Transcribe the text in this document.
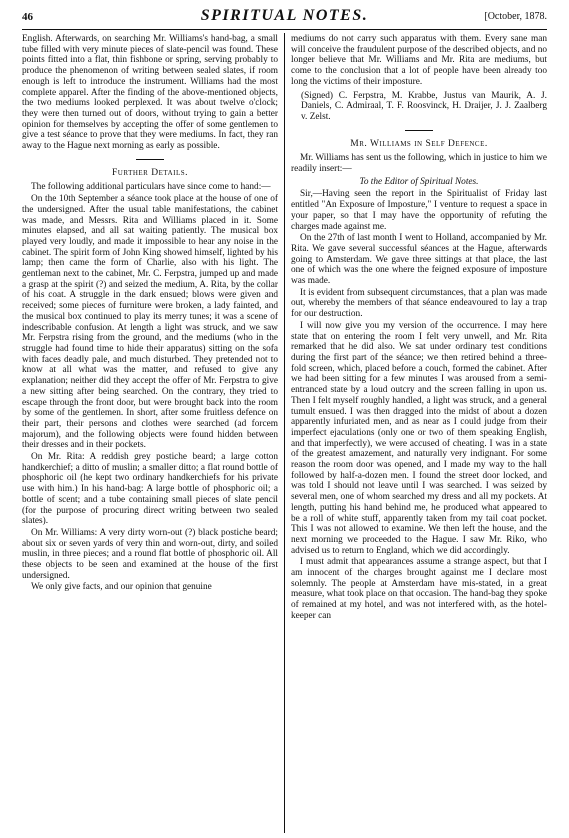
46	SPIRITUAL NOTES.	[October, 1878.

English. Afterwards, on searching Mr. Williams's hand-bag, a small tube filled with very minute pieces of slate-pencil was found. These points fitted into a flat, thin fishbone or spring, serving probably to produce the phenomenon of writing between sealed slates, if room enough is left to introduce the instrument. Williams had the most complete apparel. After the finding of the above-mentioned objects, the two mediums looked perplexed. It was about twelve o'clock; they were then turned out of doors, without trying to gain a better opinion for themselves by accepting the offer of some gentlemen to give a test séance to prove that they were mediums. In fact, they ran away to the Hague next morning as early as possible.

Further Details.

The following additional particulars have since come to hand:—

On the 10th September a séance took place at the house of one of the undersigned. After the usual table manifestations, the cabinet was made, and Messrs. Rita and Williams placed in it. Some minutes elapsed, and all sat waiting patiently. The musical box played very loudly, and made it impossible to hear any noise in the cabinet. The spirit form of John King showed himself, lighted by his lamp; then came the form of Charlie, also with his light. The gentleman next to the cabinet, Mr. C. Ferpstra, jumped up and made a grasp at the spirit (?) and seized the medium, A. Rita, by the collar of his coat. A struggle in the dark ensued; blows were given and received; some pieces of furniture were broken, a lady fainted, and the musical box continued to play its merry tunes; it was a scene of indescribable confusion. At length a light was struck, and we saw Mr. Ferpstra rising from the ground, and the mediums (who in the struggle had found time to hide their apparatus) sitting on the sofa with faces deadly pale, and much disturbed. They pretended not to know at all what was the matter, and refused to give any explanation; neither did they accept the offer of Mr. Ferpstra to give a new sitting after being searched. On the contrary, they tried to escape through the front door, but were brought back into the room by some of the gentlemen. In short, after some fruitless defence on their part, their persons and clothes were searched (ad forcem majorum), and the following objects were found hidden between their dresses and in their pockets.

On Mr. Rita: A reddish grey postiche beard; a large cotton handkerchief; a ditto of muslin; a smaller ditto; a flat round bottle of phosphoric oil (he kept two ordinary handkerchiefs for his private use with him.) In his hand-bag: A large bottle of phosphoric oil; a bottle of scent; and a tube containing small pieces of slate pencil (for the purpose of procuring direct writing between two sealed slates).

On Mr. Williams: A very dirty worn-out (?) black postiche beard; about six or seven yards of very thin and worn-out, dirty, and soiled muslin, in three pieces; and a round flat bottle of phosphoric oil. All these objects to be seen and examined at the house of the first undersigned.

We only give facts, and our opinion that genuine

mediums do not carry such apparatus with them. Every sane man will conceive the fraudulent purpose of the described objects, and no longer believe that Mr. Williams and Mr. Rita are mediums, but come to the conclusion that a lot of people have been already too long the victims of their imposture.

(Signed) C. Ferpstra, M. Krabbe, Justus van Maurik, A. J. Daniels, C. Admiraal, T. F. Roosvinck, H. Draijer, J. J. Zaalberg v. Zelst.

Mr. Williams in Self Defence.

Mr. Williams has sent us the following, which in justice to him we readily insert:—

To the Editor of Spiritual Notes.

Sir,—Having seen the report in the Spiritualist of Friday last entitled "An Exposure of Imposture," I venture to request a space in your paper, so that I may have the opportunity of refuting the charges made against me.

On the 27th of last month I went to Holland, accompanied by Mr. Rita. We gave several successful séances at the Hague, afterwards going to Amsterdam. We gave three sittings at that place, the last one of which was the one where the feigned exposure of imposture was made.

It is evident from subsequent circumstances, that a plan was made out, whereby the members of that séance endeavoured to lay a trap for our destruction.

I will now give you my version of the occurrence. I may here state that on entering the room I felt very unwell, and Mr. Rita remarked that he did also. We sat under ordinary test conditions during the first part of the séance; we then retired behind a three-fold screen, which, placed before a couch, formed the cabinet. After we had been sitting for a few minutes I was aroused from a semi-entranced state by a loud outcry and the screen falling in upon us. Then I felt myself roughly handled, a light was struck, and a general tumult ensued. I was then dragged into the midst of about a dozen apparently infuriated men, and as near as I could judge from their imperfect ejaculations (only one or two of them speaking English, and that imperfectly), we were accused of cheating. I was in a state of the greatest amazement, and naturally very indignant. For some reason the room door was opened, and I made my way to the hall followed by half-a-dozen men. I found the street door locked, and was told I should not leave until I was searched. I was seized by several men, one of whom searched my dress and all my pockets. At length, putting his hand behind me, he produced what appeared to be a roll of white stuff, apparently taken from my tail coat pocket. This I was not allowed to examine. We then left the house, and the next morning we proceeded to the Hague. I saw Mr. Riko, who advised us to return to England, which we did accordingly.

I must admit that appearances assume a strange aspect, but that I am innocent of the charges brought against me I declare most solemnly. The people at Amsterdam have mis-stated, in a great measure, what took place on that occasion. The hand-bag they spoke of remained at my hotel, and was not interfered with, as the hotel-keeper can
